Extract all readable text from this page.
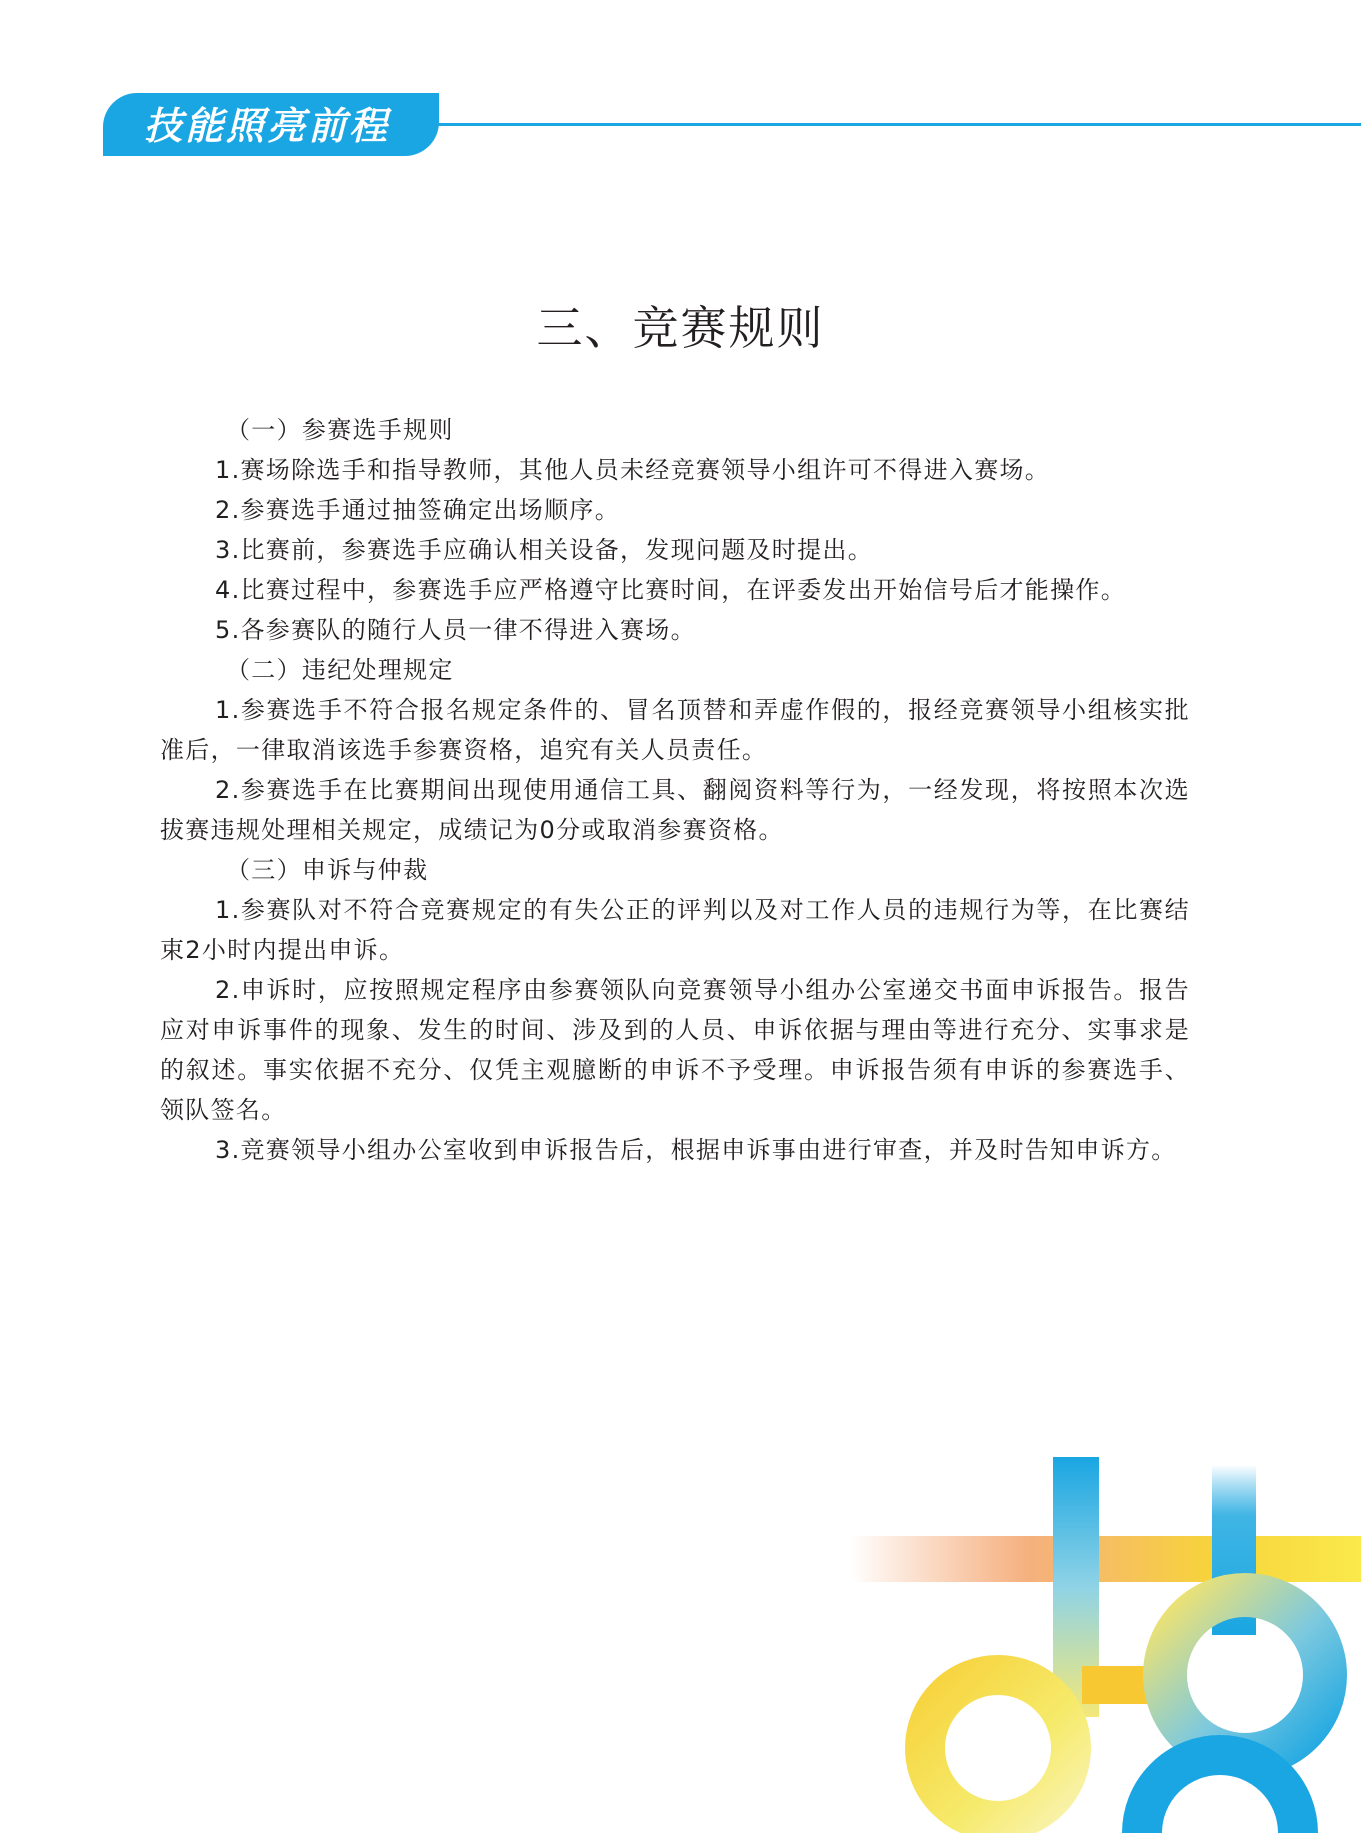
技能照亮前程
三、竞赛规则

（一）参赛选手规则

1.赛场除选手和指导教师，其他人员未经竞赛领导小组许可不得进入赛场。

2.参赛选手通过抽签确定出场顺序。

3.比赛前，参赛选手应确认相关设备，发现问题及时提出。

4.比赛过程中，参赛选手应严格遵守比赛时间，在评委发出开始信号后才能操作。

5.各参赛队的随行人员一律不得进入赛场。

（二）违纪处理规定

1.参赛选手不符合报名规定条件的、冒名顶替和弄虚作假的，报经竞赛领导小组核实批准后，一律取消该选手参赛资格，追究有关人员责任。

2.参赛选手在比赛期间出现使用通信工具、翻阅资料等行为，一经发现，将按照本次选拔赛违规处理相关规定，成绩记为0分或取消参赛资格。

（三）申诉与仲裁

1.参赛队对不符合竞赛规定的有失公正的评判以及对工作人员的违规行为等，在比赛结束2小时内提出申诉。

2.申诉时，应按照规定程序由参赛领队向竞赛领导小组办公室递交书面申诉报告。报告应对申诉事件的现象、发生的时间、涉及到的人员、申诉依据与理由等进行充分、实事求是的叙述。事实依据不充分、仅凭主观臆断的申诉不予受理。申诉报告须有申诉的参赛选手、领队签名。

3.竞赛领导小组办公室收到申诉报告后，根据申诉事由进行审查，并及时告知申诉方。
